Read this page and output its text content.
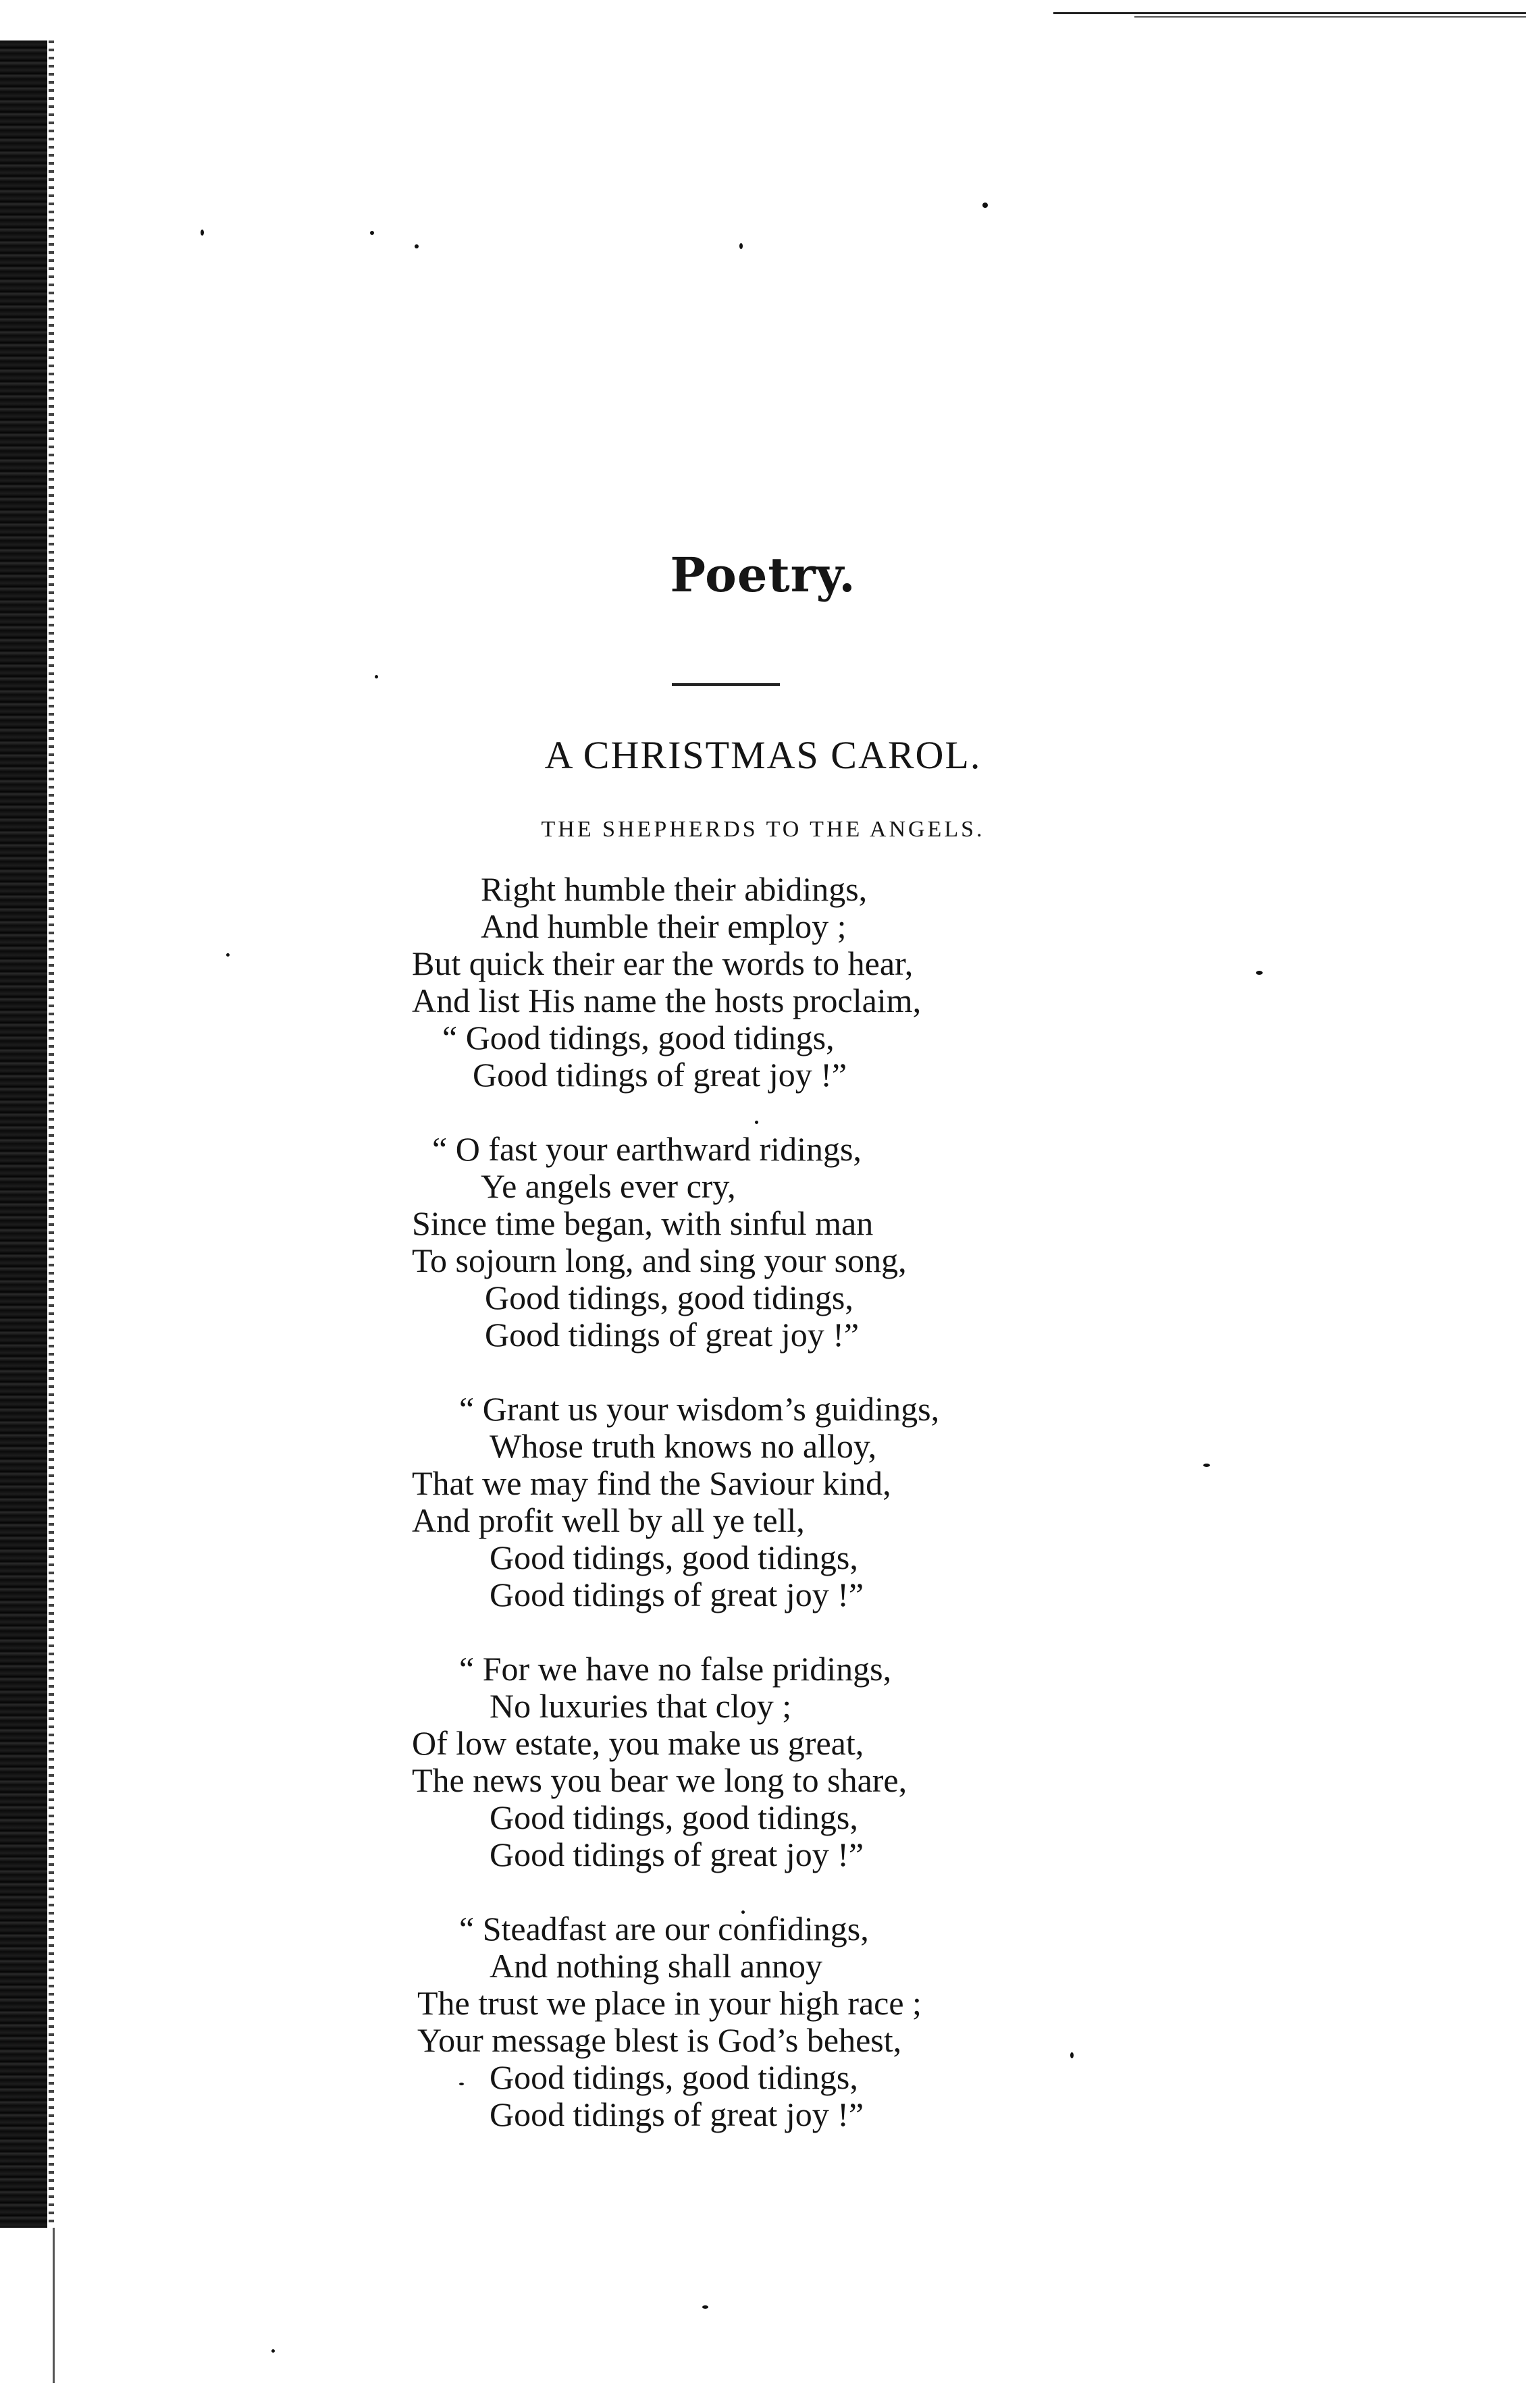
Poetry.
A CHRISTMAS CAROL.
THE SHEPHERDS TO THE ANGELS.
Right humble their abidings,
And humble their employ ;
But quick their ear the words to hear,
And list His name the hosts proclaim,
“ Good tidings, good tidings,
Good tidings of great joy !”
“ O fast your earthward ridings,
Ye angels ever cry,
Since time began, with sinful man
To sojourn long, and sing your song,
Good tidings, good tidings,
Good tidings of great joy !”
“ Grant us your wisdom’s guidings,
Whose truth knows no alloy,
That we may find the Saviour kind,
And profit well by all ye tell,
Good tidings, good tidings,
Good tidings of great joy !”
“ For we have no false pridings,
No luxuries that cloy ;
Of low estate, you make us great,
The news you bear we long to share,
Good tidings, good tidings,
Good tidings of great joy !”
“ Steadfast are our confidings,
And nothing shall annoy
The trust we place in your high race ;
Your message blest is God’s behest,
Good tidings, good tidings,
Good tidings of great joy !”
